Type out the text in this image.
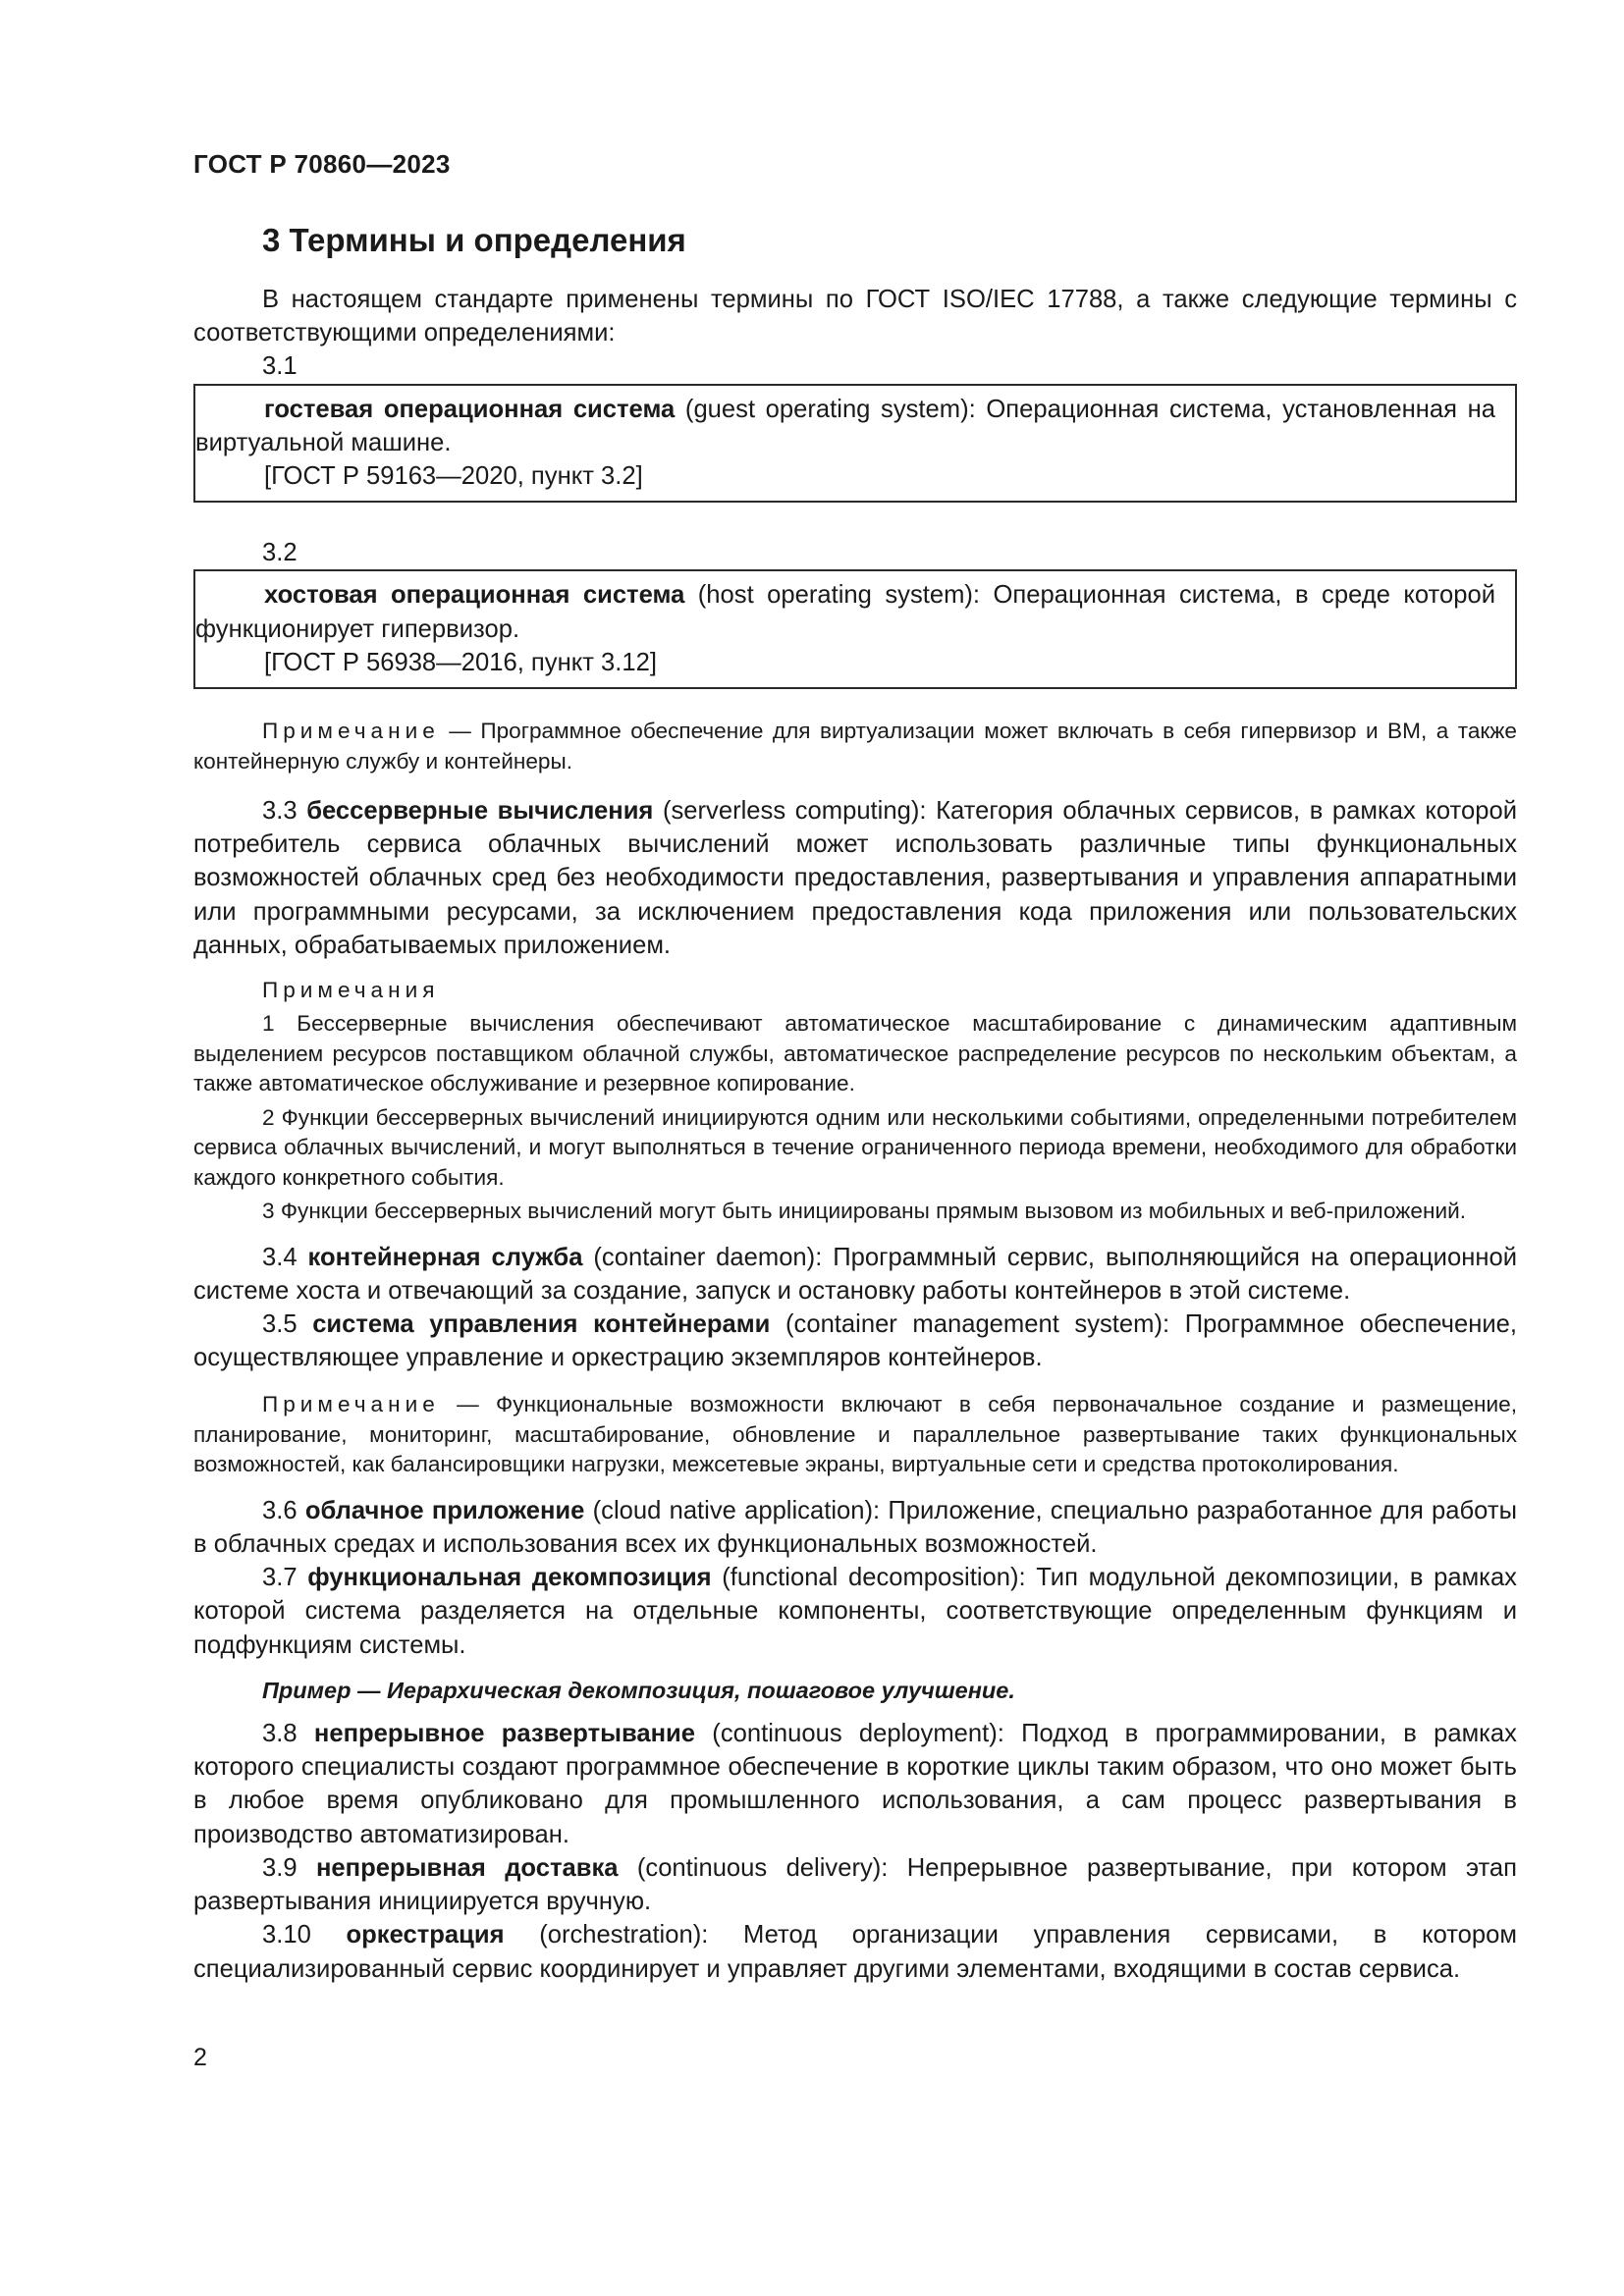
ГОСТ Р 70860—2023
3 Термины и определения

В настоящем стандарте применены термины по ГОСТ ISO/IEC 17788, а также следующие термины с соответствующими определениями:

3.1

гостевая операционная система (guest operating system): Операционная система, установленная на виртуальной машине.

[ГОСТ Р 59163—2020, пункт 3.2]
3.2

хостовая операционная система (host operating system): Операционная система, в среде которой функционирует гипервизор.

[ГОСТ Р 56938—2016, пункт 3.12]

Примечание — Программное обеспечение для виртуализации может включать в себя гипервизор и ВМ, а также контейнерную службу и контейнеры.

3.3 бессерверные вычисления (serverless computing): Категория облачных сервисов, в рамках которой потребитель сервиса облачных вычислений может использовать различные типы функциональных возможностей облачных сред без необходимости предоставления, развертывания и управления аппаратными или программными ресурсами, за исключением предоставления кода приложения или пользовательских данных, обрабатываемых приложением.

Примечания

1 Бессерверные вычисления обеспечивают автоматическое масштабирование с динамическим адаптивным выделением ресурсов поставщиком облачной службы, автоматическое распределение ресурсов по нескольким объектам, а также автоматическое обслуживание и резервное копирование.

2 Функции бессерверных вычислений инициируются одним или несколькими событиями, определенными потребителем сервиса облачных вычислений, и могут выполняться в течение ограниченного периода времени, необходимого для обработки каждого конкретного события.

3 Функции бессерверных вычислений могут быть инициированы прямым вызовом из мобильных и веб-приложений.

3.4 контейнерная служба (container daemon): Программный сервис, выполняющийся на операционной системе хоста и отвечающий за создание, запуск и остановку работы контейнеров в этой системе.

3.5 система управления контейнерами (container management system): Программное обеспечение, осуществляющее управление и оркестрацию экземпляров контейнеров.

Примечание — Функциональные возможности включают в себя первоначальное создание и размещение, планирование, мониторинг, масштабирование, обновление и параллельное развертывание таких функциональных возможностей, как балансировщики нагрузки, межсетевые экраны, виртуальные сети и средства протоколирования.

3.6 облачное приложение (cloud native application): Приложение, специально разработанное для работы в облачных средах и использования всех их функциональных возможностей.

3.7 функциональная декомпозиция (functional decomposition): Тип модульной декомпозиции, в рамках которой система разделяется на отдельные компоненты, соответствующие определенным функциям и подфункциям системы.

Пример — Иерархическая декомпозиция, пошаговое улучшение.

3.8 непрерывное развертывание (continuous deployment): Подход в программировании, в рамках которого специалисты создают программное обеспечение в короткие циклы таким образом, что оно может быть в любое время опубликовано для промышленного использования, а сам процесс развертывания в производство автоматизирован.

3.9 непрерывная доставка (continuous delivery): Непрерывное развертывание, при котором этап развертывания инициируется вручную.

3.10 оркестрация (orchestration): Метод организации управления сервисами, в котором специализированный сервис координирует и управляет другими элементами, входящими в состав сервиса.

2
